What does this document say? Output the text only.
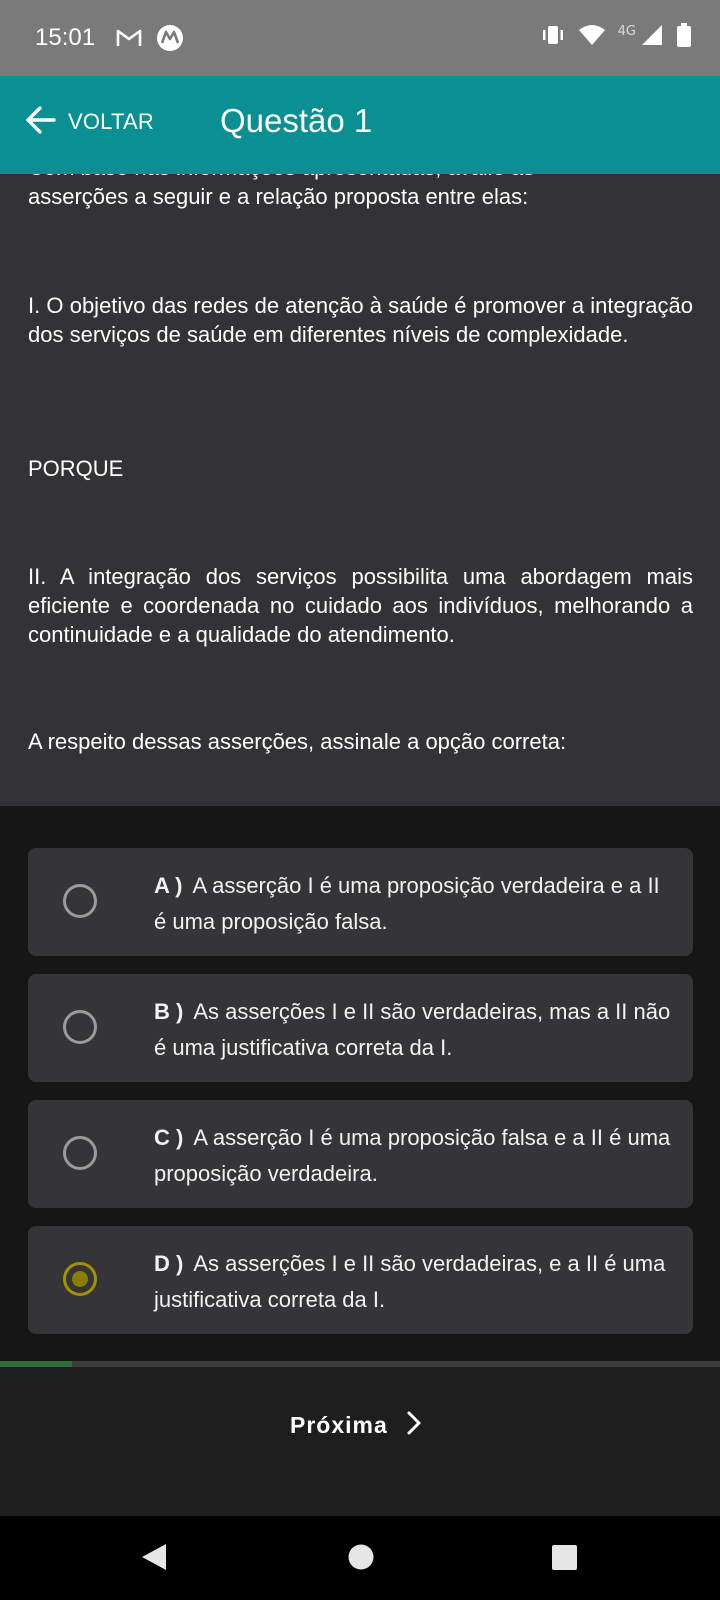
15:01	4G
VOLTAR Questão 1

asserções a seguir e a relação proposta entre elas:
I. O objetivo das redes de atenção à saúde é promover a integração dos serviços de saúde em diferentes níveis de complexidade.
PORQUE
II. A integração dos serviços possibilita uma abordagem mais eficiente e coordenada no cuidado aos indivíduos, melhorando a continuidade e a qualidade do atendimento.
A respeito dessas asserções, assinale a opção correta:
A ) A asserção I é uma proposição verdadeira e a II é uma proposição falsa.
B ) As asserções I e II são verdadeiras, mas a II não é uma justificativa correta da I.
C ) A asserção I é uma proposição falsa e a II é uma proposição verdadeira.
D ) As asserções I e II são verdadeiras, e a II é uma justificativa correta da I.
Próxima
